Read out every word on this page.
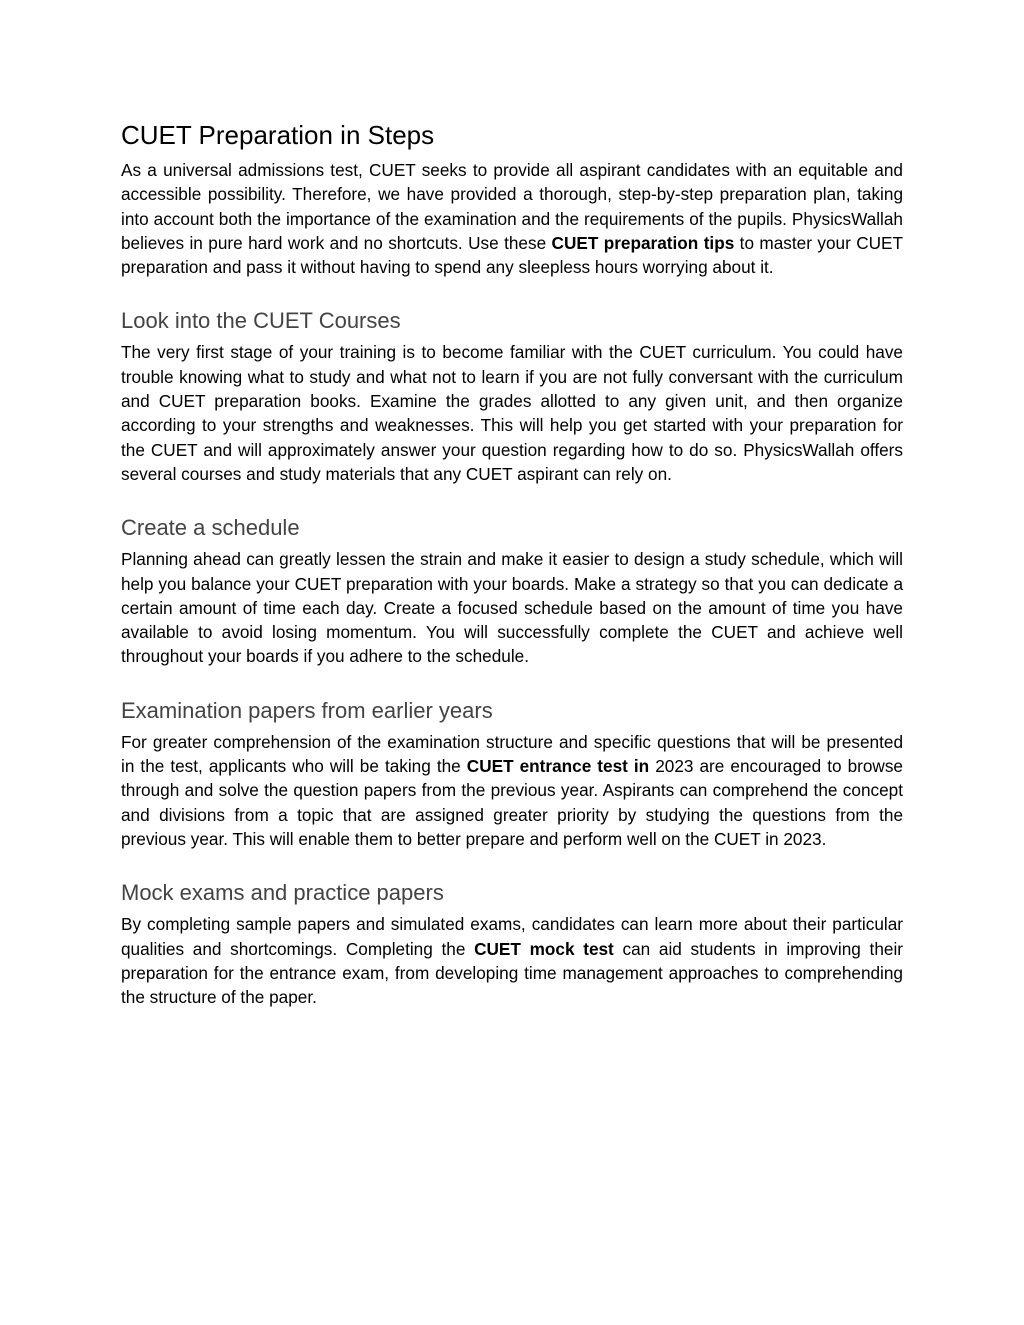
CUET Preparation in Steps

As a universal admissions test, CUET seeks to provide all aspirant candidates with an equitable and accessible possibility. Therefore, we have provided a thorough, step-by-step preparation plan, taking into account both the importance of the examination and the requirements of the pupils. PhysicsWallah believes in pure hard work and no shortcuts. Use these CUET preparation tips to master your CUET preparation and pass it without having to spend any sleepless hours worrying about it.

Look into the CUET Courses

The very first stage of your training is to become familiar with the CUET curriculum. You could have trouble knowing what to study and what not to learn if you are not fully conversant with the curriculum and CUET preparation books. Examine the grades allotted to any given unit, and then organize according to your strengths and weaknesses. This will help you get started with your preparation for the CUET and will approximately answer your question regarding how to do so. PhysicsWallah offers several courses and study materials that any CUET aspirant can rely on.

Create a schedule

Planning ahead can greatly lessen the strain and make it easier to design a study schedule, which will help you balance your CUET preparation with your boards. Make a strategy so that you can dedicate a certain amount of time each day. Create a focused schedule based on the amount of time you have available to avoid losing momentum. You will successfully complete the CUET and achieve well throughout your boards if you adhere to the schedule.

Examination papers from earlier years

For greater comprehension of the examination structure and specific questions that will be presented in the test, applicants who will be taking the CUET entrance test in 2023 are encouraged to browse through and solve the question papers from the previous year. Aspirants can comprehend the concept and divisions from a topic that are assigned greater priority by studying the questions from the previous year. This will enable them to better prepare and perform well on the CUET in 2023.

Mock exams and practice papers

By completing sample papers and simulated exams, candidates can learn more about their particular qualities and shortcomings. Completing the CUET mock test can aid students in improving their preparation for the entrance exam, from developing time management approaches to comprehending the structure of the paper.
